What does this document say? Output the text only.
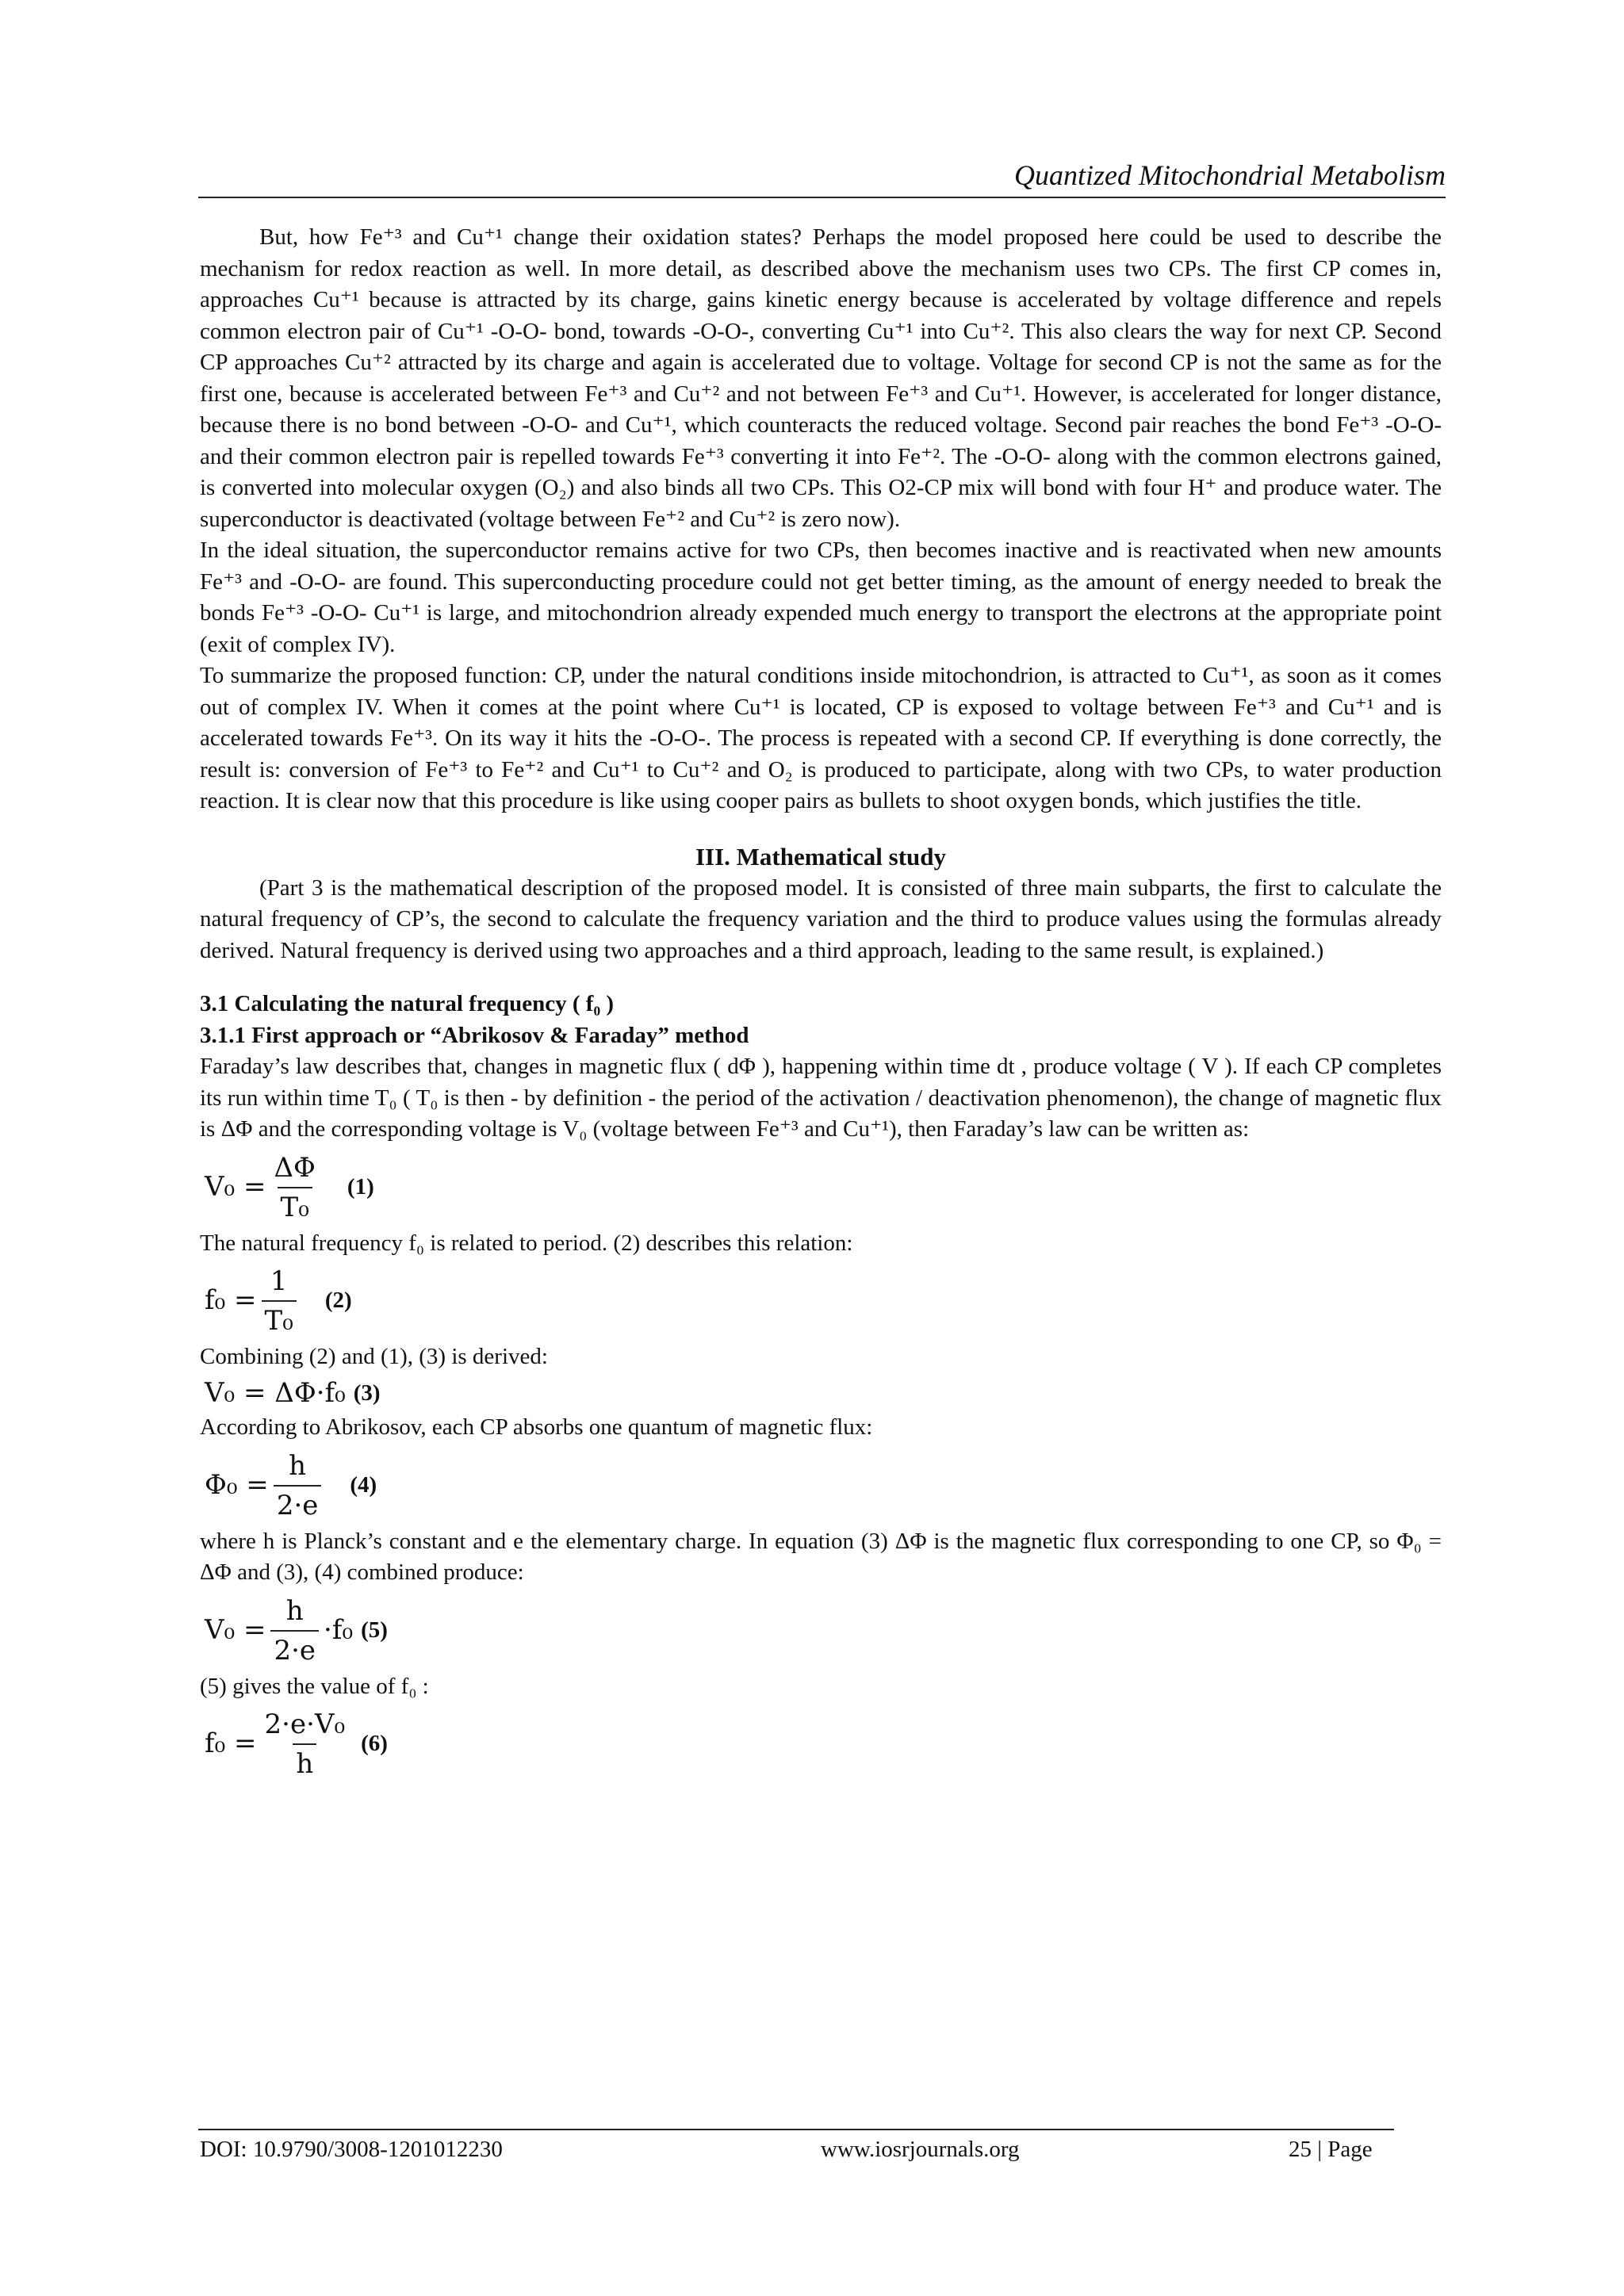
Quantized Mitochondrial Metabolism

But, how Fe⁺³ and Cu⁺¹ change their oxidation states? Perhaps the model proposed here could be used to describe the mechanism for redox reaction as well. In more detail, as described above the mechanism uses two CPs. The first CP comes in, approaches Cu⁺¹ because is attracted by its charge, gains kinetic energy because is accelerated by voltage difference and repels common electron pair of Cu⁺¹ -O-O- bond, towards -O-O-, converting Cu⁺¹ into Cu⁺². This also clears the way for next CP. Second CP approaches Cu⁺² attracted by its charge and again is accelerated due to voltage. Voltage for second CP is not the same as for the first one, because is accelerated between Fe⁺³ and Cu⁺² and not between Fe⁺³ and Cu⁺¹. However, is accelerated for longer distance, because there is no bond between -O-O- and Cu⁺¹, which counteracts the reduced voltage. Second pair reaches the bond Fe⁺³ -O-O- and their common electron pair is repelled towards Fe⁺³ converting it into Fe⁺². The -O-O- along with the common electrons gained, is converted into molecular oxygen (O₂) and also binds all two CPs. This O2-CP mix will bond with four H⁺ and produce water. The superconductor is deactivated (voltage between Fe⁺² and Cu⁺² is zero now).

In the ideal situation, the superconductor remains active for two CPs, then becomes inactive and is reactivated when new amounts Fe⁺³ and -O-O- are found. This superconducting procedure could not get better timing, as the amount of energy needed to break the bonds Fe⁺³ -O-O- Cu⁺¹ is large, and mitochondrion already expended much energy to transport the electrons at the appropriate point (exit of complex IV).

To summarize the proposed function: CP, under the natural conditions inside mitochondrion, is attracted to Cu⁺¹, as soon as it comes out of complex IV. When it comes at the point where Cu⁺¹ is located, CP is exposed to voltage between Fe⁺³ and Cu⁺¹ and is accelerated towards Fe⁺³. On its way it hits the -O-O-. The process is repeated with a second CP. If everything is done correctly, the result is: conversion of Fe⁺³ to Fe⁺² and Cu⁺¹ to Cu⁺² and O₂ is produced to participate, along with two CPs, to water production reaction. It is clear now that this procedure is like using cooper pairs as bullets to shoot oxygen bonds, which justifies the title.

III. Mathematical study

(Part 3 is the mathematical description of the proposed model. It is consisted of three main subparts, the first to calculate the natural frequency of CP’s, the second to calculate the frequency variation and the third to produce values using the formulas already derived. Natural frequency is derived using two approaches and a third approach, leading to the same result, is explained.)

3.1 Calculating the natural frequency ( f₀ )

3.1.1 First approach or “Abrikosov & Faraday” method

Faraday’s law describes that, changes in magnetic flux ( dΦ ), happening within time dt , produce voltage ( V ). If each CP completes its run within time T₀ ( T₀ is then - by definition - the period of the activation / deactivation phenomenon), the change of magnetic flux is ΔΦ and the corresponding voltage is V₀ (voltage between Fe⁺³ and Cu⁺¹), then Faraday’s law can be written as:

$V_0 = \frac{\Delta\Phi}{\text{T₀}} (1)$

The natural frequency f₀ is related to period. (2) describes this relation:

$f_0 = \frac{1}{\text{T₀}} (2)$

Combining (2) and (1), (3) is derived:

V₀ = ΔΦ·f₀ (3)

According to Abrikosov, each CP absorbs one quantum of magnetic flux:

$\Phi_0 = \frac{h}{2\cdot e} (4)$

where h is Planck’s constant and e the elementary charge. In equation (3) ΔΦ is the magnetic flux corresponding to one CP, so Φ₀ = ΔΦ and (3), (4) combined produce:

$V_0 = \frac{h}{2\cdot e} \cdot f_0$ (5)

(5) gives the value of f₀ :

$f_0 = \frac{\text{2·e·V₀}}{h} (6)$
DOI: 10.9790/3008-1201012230	www.iosrjournals.org	25 | Page
